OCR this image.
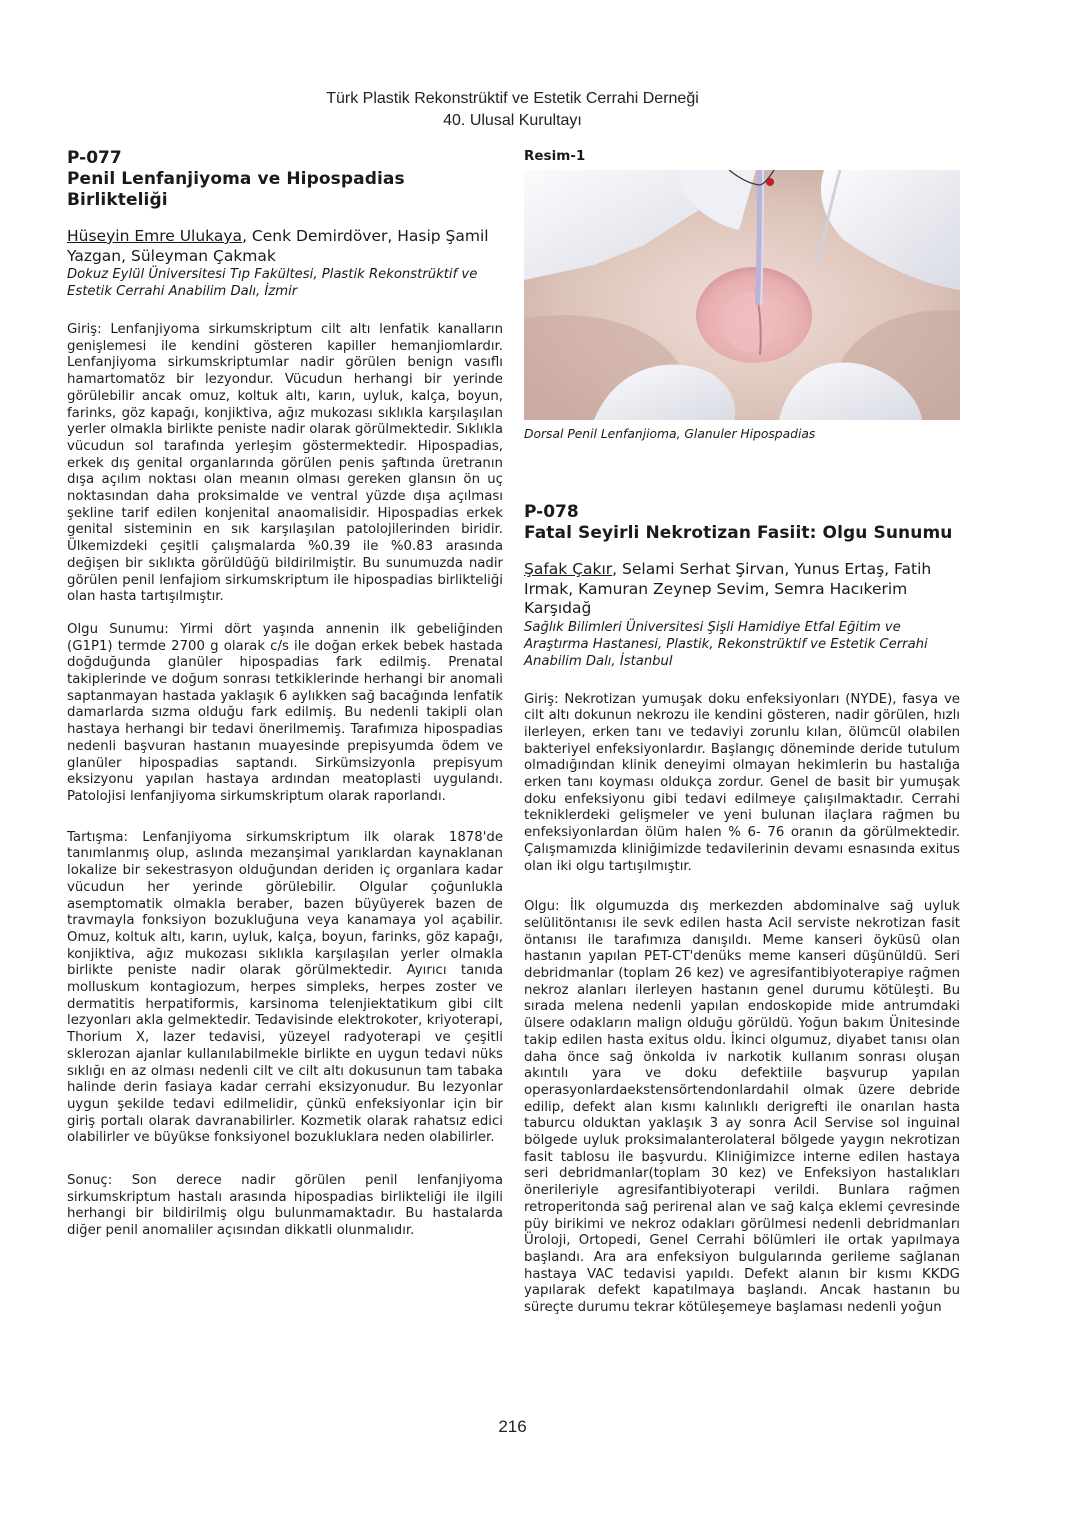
Türk Plastik Rekonstrüktif ve Estetik Cerrahi Derneği
40. Ulusal Kurultayı
P-077
Penil Lenfanjiyoma ve Hipospadias Birlikteliği
Hüseyin Emre Ulukaya, Cenk Demirdöver, Hasip Şamil Yazgan, Süleyman Çakmak
Dokuz Eylül Üniversitesi Tıp Fakültesi, Plastik Rekonstrüktif ve Estetik Cerrahi Anabilim Dalı, İzmir

Giriş: Lenfanjiyoma sirkumskriptum cilt altı lenfatik kanalların genişlemesi ile kendini gösteren kapiller hemanjiomlardır. Lenfanjiyoma sirkumskriptumlar nadir görülen benign vasıflı hamartomatöz bir lezyondur. Vücudun herhangi bir yerinde görülebilir ancak omuz, koltuk altı, karın, uyluk, kalça, boyun, farinks, göz kapağı, konjiktiva, ağız mukozası sıklıkla karşılaşılan yerler olmakla birlikte peniste nadir olarak görülmektedir. Sıklıkla vücudun sol tarafında yerleşim göstermektedir. Hipospadias, erkek dış genital organlarında görülen penis şaftında üretranın dışa açılım noktası olan meanın olması gereken glansın ön uç noktasından daha proksimalde ve ventral yüzde dışa açılması şekline tarif edilen konjenital anaomalisidir. Hipospadias erkek genital sisteminin en sık karşılaşılan patolojilerinden biridir. Ülkemizdeki çeşitli çalışmalarda %0.39 ile %0.83 arasında değişen bir sıklıkta görüldüğü bildirilmiştir. Bu sunumuzda nadir görülen penil lenfajiom sirkumskriptum ile hipospadias birlikteliği olan hasta tartışılmıştır.

Olgu Sunumu: Yirmi dört yaşında annenin ilk gebeliğinden (G1P1) termde 2700 g olarak c/s ile doğan erkek bebek hastada doğduğunda glanüler hipospadias fark edilmiş. Prenatal takiplerinde ve doğum sonrası tetkiklerinde herhangi bir anomali saptanmayan hastada yaklaşık 6 aylıkken sağ bacağında lenfatik damarlarda sızma olduğu fark edilmiş. Bu nedenli takipli olan hastaya herhangi bir tedavi önerilmemiş. Tarafımıza hipospadias nedenli başvuran hastanın muayesinde prepisyumda ödem ve glanüler hipospadias saptandı. Sirkümsizyonla prepisyum eksizyonu yapılan hastaya ardından meatoplasti uygulandı. Patolojisi lenfanjiyoma sirkumskriptum olarak raporlandı.

Tartışma: Lenfanjiyoma sirkumskriptum ilk olarak 1878'de tanımlanmış olup, aslında mezanşimal yarıklardan kaynaklanan lokalize bir sekestrasyon olduğundan deriden iç organlara kadar vücudun her yerinde görülebilir. Olgular çoğunlukla asemptomatik olmakla beraber, bazen büyüyerek bazen de travmayla fonksiyon bozukluğuna veya kanamaya yol açabilir. Omuz, koltuk altı, karın, uyluk, kalça, boyun, farinks, göz kapağı, konjiktiva, ağız mukozası sıklıkla karşılaşılan yerler olmakla birlikte peniste nadir olarak görülmektedir. Ayırıcı tanıda molluskum kontagiozum, herpes simpleks, herpes zoster ve dermatitis herpatiformis, karsinoma telenjiektatikum gibi cilt lezyonları akla gelmektedir. Tedavisinde elektrokoter, kriyoterapi, Thorium X, lazer tedavisi, yüzeyel radyoterapi ve çeşitli sklerozan ajanlar kullanılabilmekle birlikte en uygun tedavi nüks sıklığı en az olması nedenli cilt ve cilt altı dokusunun tam tabaka halinde derin fasiaya kadar cerrahi eksizyonudur. Bu lezyonlar uygun şekilde tedavi edilmelidir, çünkü enfeksiyonlar için bir giriş portalı olarak davranabilirler. Kozmetik olarak rahatsız edici olabilirler ve büyükse fonksiyonel bozukluklara neden olabilirler.

Sonuç: Son derece nadir görülen penil lenfanjiyoma sirkumskriptum hastalı arasında hipospadias birlikteliği ile ilgili herhangi bir bildirilmiş olgu bulunmamaktadır. Bu hastalarda diğer penil anomaliler açısından dikkatli olunmalıdır.

Resim-1
Dorsal Penil Lenfanjioma, Glanuler Hipospadias
P-078
Fatal Seyirli Nekrotizan Fasiit: Olgu Sunumu
Şafak Çakır, Selami Serhat Şirvan, Yunus Ertaş, Fatih Irmak, Kamuran Zeynep Sevim, Semra Hacıkerim Karşıdağ
Sağlık Bilimleri Üniversitesi Şişli Hamidiye Etfal Eğitim ve Araştırma Hastanesi, Plastik, Rekonstrüktif ve Estetik Cerrahi Anabilim Dalı, İstanbul

Giriş: Nekrotizan yumuşak doku enfeksiyonları (NYDE), fasya ve cilt altı dokunun nekrozu ile kendini gösteren, nadir görülen, hızlı ilerleyen, erken tanı ve tedaviyi zorunlu kılan, ölümcül olabilen bakteriyel enfeksiyonlardır. Başlangıç döneminde deride tutulum olmadığından klinik deneyimi olmayan hekimlerin bu hastalığa erken tanı koyması oldukça zordur. Genel de basit bir yumuşak doku enfeksiyonu gibi tedavi edilmeye çalışılmaktadır. Cerrahi tekniklerdeki gelişmeler ve yeni bulunan ilaçlara rağmen bu enfeksiyonlardan ölüm halen % 6- 76 oranın da görülmektedir. Çalışmamızda kliniğimizde tedavilerinin devamı esnasında exitus olan iki olgu tartışılmıştır.

Olgu: İlk olgumuzda dış merkezden abdominalve sağ uyluk selülitöntanısı ile sevk edilen hasta Acil serviste nekrotizan fasit öntanısı ile tarafımıza danışıldı. Meme kanseri öyküsü olan hastanın yapılan PET-CT'denüks meme kanseri düşünüldü. Seri debridmanlar (toplam 26 kez) ve agresifantibiyoterapiye rağmen nekroz alanları ilerleyen hastanın genel durumu kötüleşti. Bu sırada melena nedenli yapılan endoskopide mide antrumdaki ülsere odakların malign olduğu görüldü. Yoğun bakım Ünitesinde takip edilen hasta exitus oldu. İkinci olgumuz, diyabet tanısı olan daha önce sağ önkolda iv narkotik kullanım sonrası oluşan akıntılı yara ve doku defektiile başvurup yapılan operasyonlardaekstensörtendonlardahil olmak üzere debride edilip, defekt alan kısmı kalınlıklı derigrefti ile onarılan hasta taburcu olduktan yaklaşık 3 ay sonra Acil Servise sol inguinal bölgede uyluk proksimalanterolateral bölgede yaygın nekrotizan fasit tablosu ile başvurdu. Kliniğimizce interne edilen hastaya seri debridmanlar(toplam 30 kez) ve Enfeksiyon hastalıkları önerileriyle agresifantibiyoterapi verildi. Bunlara rağmen retroperitonda sağ perirenal alan ve sağ kalça eklemi çevresinde püy birikimi ve nekroz odakları görülmesi nedenli debridmanları Üroloji, Ortopedi, Genel Cerrahi bölümleri ile ortak yapılmaya başlandı. Ara ara enfeksiyon bulgularında gerileme sağlanan hastaya VAC tedavisi yapıldı. Defekt alanın bir kısmı KKDG yapılarak defekt kapatılmaya başlandı. Ancak hastanın bu süreçte durumu tekrar kötüleşemeye başlaması nedenli yoğun

216
